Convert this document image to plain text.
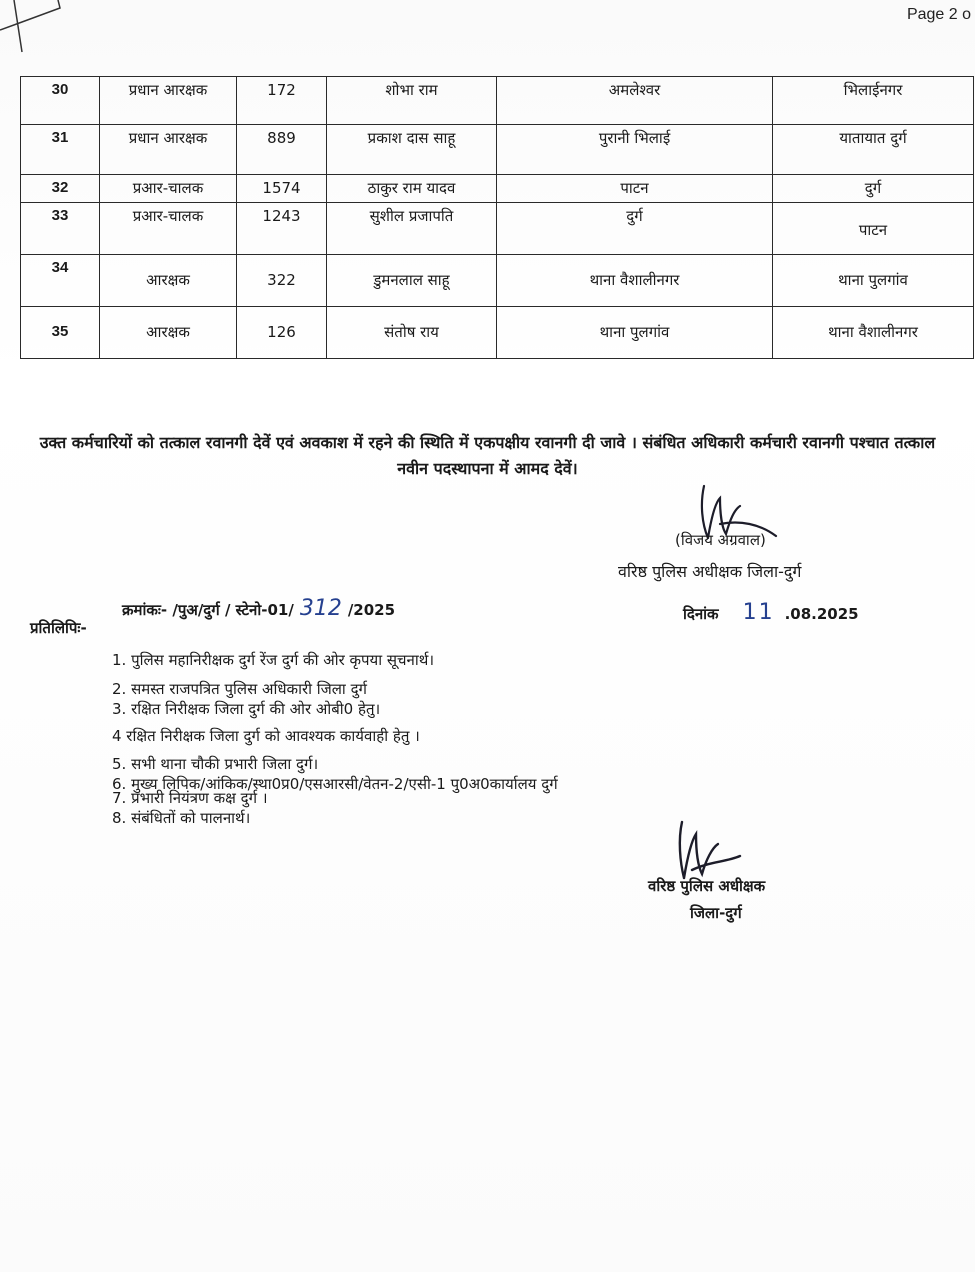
Page 2 o
30	प्रधान आरक्षक	172	शोभा राम	अमलेश्वर	भिलाईनगर
31	प्रधान आरक्षक	889	प्रकाश दास साहू	पुरानी भिलाई	यातायात दुर्ग
32	प्रआर-चालक	1574	ठाकुर राम यादव	पाटन	दुर्ग
33	प्रआर-चालक	1243	सुशील प्रजापति	दुर्ग	पाटन
34	आरक्षक	322	डुमनलाल साहू	थाना वैशालीनगर	थाना पुलगांव
35	आरक्षक	126	संतोष राय	थाना पुलगांव	थाना वैशालीनगर
उक्त कर्मचारियों को तत्काल रवानगी देवें एवं अवकाश में रहने की स्थिति में एकपक्षीय रवानगी दी जावे । संबंधित अधिकारी कर्मचारी रवानगी पश्चात तत्काल नवीन पदस्थापना में आमद देवें।
(विजय अग्रवाल)
वरिष्ठ पुलिस अधीक्षक जिला-दुर्ग
क्रमांकः- /पुअ/दुर्ग / स्टेनो-01/ 312 /2025	दिनांक 11 .08.2025
प्रतिलिपिः-
1. पुलिस महानिरीक्षक दुर्ग रेंज दुर्ग की ओर कृपया सूचनार्थ।
2. समस्त राजपत्रित पुलिस अधिकारी जिला दुर्ग
3. रक्षित निरीक्षक जिला दुर्ग की ओर ओबी0 हेतु।
4 रक्षित निरीक्षक जिला दुर्ग को आवश्यक कार्यवाही हेतु ।
5. सभी थाना चौकी प्रभारी जिला दुर्ग।
6. मुख्य लिपिक/आंकिक/स्था0प्र0/एसआरसी/वेतन-2/एसी-1 पु0अ0कार्यालय दुर्ग
7. प्रभारी नियंत्रण कक्ष दुर्ग ।
8. संबंधितों को पालनार्थ।
वरिष्ठ पुलिस अधीक्षक
जिला-दुर्ग
